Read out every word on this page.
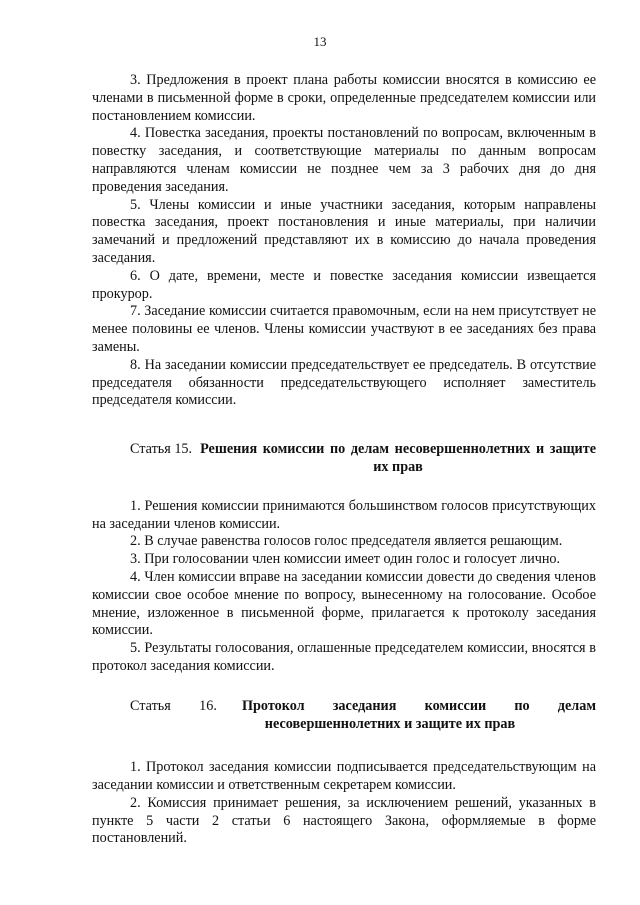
13

3. Предложения в проект плана работы комиссии вносятся в комиссию ее членами в письменной форме в сроки, определенные председателем комиссии или постановлением комиссии.

4. Повестка заседания, проекты постановлений по вопросам, включенным в повестку заседания, и соответствующие материалы по данным вопросам направляются членам комиссии не позднее чем за 3 рабочих дня до дня проведения заседания.

5. Члены комиссии и иные участники заседания, которым направлены повестка заседания, проект постановления и иные материалы, при наличии замечаний и предложений представляют их в комиссию до начала проведения заседания.

6. О дате, времени, месте и повестке заседания комиссии извещается прокурор.

7. Заседание комиссии считается правомочным, если на нем присутствует не менее половины ее членов. Члены комиссии участвуют в ее заседаниях без права замены.

8. На заседании комиссии председательствует ее председатель. В отсутствие председателя обязанности председательствующего исполняет заместитель председателя комиссии.

Статья 15. Решения комиссии по делам несовершеннолетних и защите их прав

1. Решения комиссии принимаются большинством голосов присутствующих на заседании членов комиссии.

2. В случае равенства голосов голос председателя является решающим.

3. При голосовании член комиссии имеет один голос и голосует лично.

4. Член комиссии вправе на заседании комиссии довести до сведения членов комиссии свое особое мнение по вопросу, вынесенному на голосование. Особое мнение, изложенное в письменной форме, прилагается к протоколу заседания комиссии.

5. Результаты голосования, оглашенные председателем комиссии, вносятся в протокол заседания комиссии.

Статья 16.	Протокол заседания комиссии по делам
несовершеннолетних и защите их прав

1. Протокол заседания комиссии подписывается председательствующим на заседании комиссии и ответственным секретарем комиссии.

2. Комиссия принимает решения, за исключением решений, указанных в пункте 5 части 2 статьи 6 настоящего Закона, оформляемые в форме постановлений.
